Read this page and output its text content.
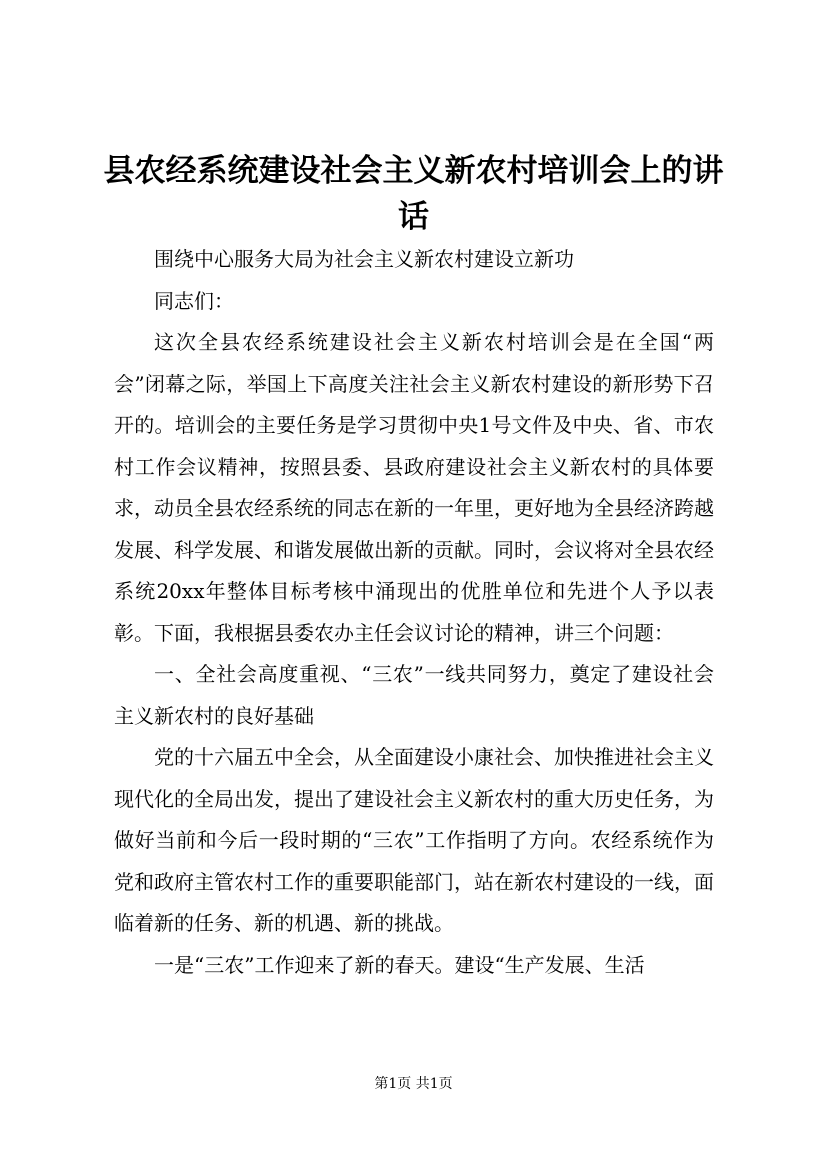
县农经系统建设社会主义新农村培训会上的讲话

围绕中心服务大局为社会主义新农村建设立新功

同志们：

这次全县农经系统建设社会主义新农村培训会是在全国“两会”闭幕之际，举国上下高度关注社会主义新农村建设的新形势下召开的。培训会的主要任务是学习贯彻中央1号文件及中央、省、市农村工作会议精神，按照县委、县政府建设社会主义新农村的具体要求，动员全县农经系统的同志在新的一年里，更好地为全县经济跨越发展、科学发展、和谐发展做出新的贡献。同时，会议将对全县农经系统20xx年整体目标考核中涌现出的优胜单位和先进个人予以表彰。下面，我根据县委农办主任会议讨论的精神，讲三个问题：

一、全社会高度重视、“三农”一线共同努力，奠定了建设社会主义新农村的良好基础

党的十六届五中全会，从全面建设小康社会、加快推进社会主义现代化的全局出发，提出了建设社会主义新农村的重大历史任务，为做好当前和今后一段时期的“三农”工作指明了方向。农经系统作为党和政府主管农村工作的重要职能部门，站在新农村建设的一线，面临着新的任务、新的机遇、新的挑战。

一是“三农”工作迎来了新的春天。建设“生产发展、生活

第1页 共1页
